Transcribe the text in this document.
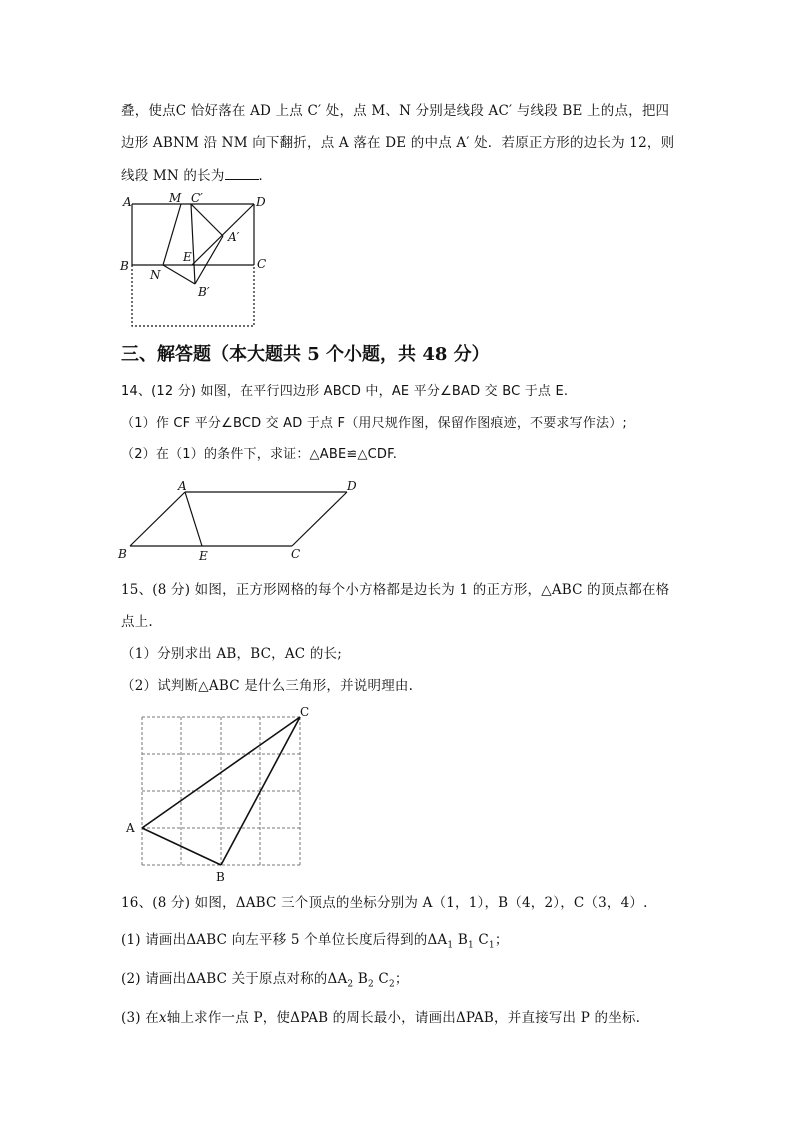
叠，使点C 恰好落在 AD 上点 C′ 处，点 M、N 分别是线段 AC′ 与线段 BE 上的点，把四
边形 ABNM 沿 NM 向下翻折，点 A 落在 DE 的中点 A′ 处．若原正方形的边长为 12，则
线段 MN 的长为	．
A	M C′	D
A′
E
B
N
C
B′
三、解答题（本大题共 5 个小题，共 48 分）
14、(12 分) 如图，在平行四边形 ABCD 中，AE 平分∠BAD 交 BC 于点 E.
（1）作 CF 平分∠BCD 交 AD 于点 F（用尺规作图，保留作图痕迹，不要求写作法）;
（2）在（1）的条件下，求证：△ABE≌△CDF.
A	D
B	E	C
15、(8 分) 如图，正方形网格的每个小方格都是边长为 1 的正方形，△ABC 的顶点都在格
点上.
（1）分别求出 AB，BC，AC 的长;
（2）试判断△ABC 是什么三角形，并说明理由.
A
B
C
16、(8 分) 如图，ΔABC 三个顶点的坐标分别为 A（1，1），B（4，2），C（3，4）.
(1) 请画出ΔABC 向左平移 5 个单位长度后得到的$\Delta A_1$ $B_1$ $C_1$；
(2) 请画出ΔABC 关于原点对称的$\Delta A_2$ $B_2$ $C_2$；
(3) 在x轴上求作一点 P，使ΔPAB 的周长最小，请画出ΔPAB，并直接写出 P 的坐标.
